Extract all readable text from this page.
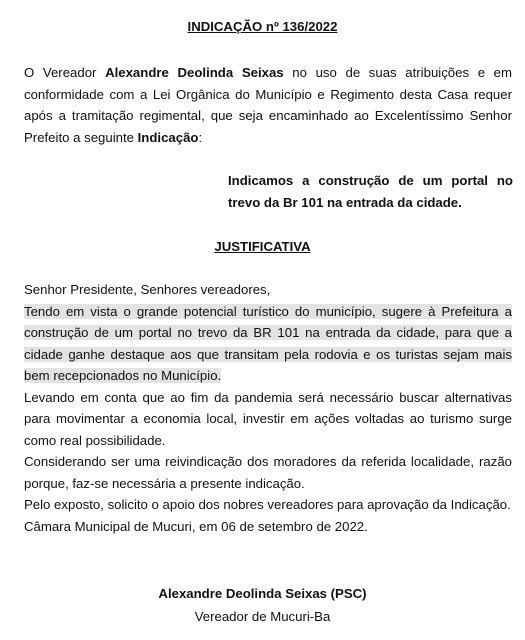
INDICAÇÃO nº 136/2022
O Vereador Alexandre Deolinda Seixas no uso de suas atribuições e em conformidade com a Lei Orgânica do Município e Regimento desta Casa requer após a tramitação regimental, que seja encaminhado ao Excelentíssimo Senhor Prefeito a seguinte Indicação:
Indicamos a construção de um portal no trevo da Br 101 na entrada da cidade.
JUSTIFICATIVA

Senhor Presidente, Senhores vereadores,

Tendo em vista o grande potencial turístico do município, sugere à Prefeitura a construção de um portal no trevo da BR 101 na entrada da cidade, para que a cidade ganhe destaque aos que transitam pela rodovia e os turistas sejam mais bem recepcionados no Município.

Levando em conta que ao fim da pandemia será necessário buscar alternativas para movimentar a economia local, investir em ações voltadas ao turismo surge como real possibilidade.

Considerando ser uma reivindicação dos moradores da referida localidade, razão porque, faz-se necessária a presente indicação.

Pelo exposto, solicito o apoio dos nobres vereadores para aprovação da Indicação.

Câmara Municipal de Mucuri, em 06 de setembro de 2022.

Alexandre Deolinda Seixas (PSC)
Vereador de Mucuri-Ba
